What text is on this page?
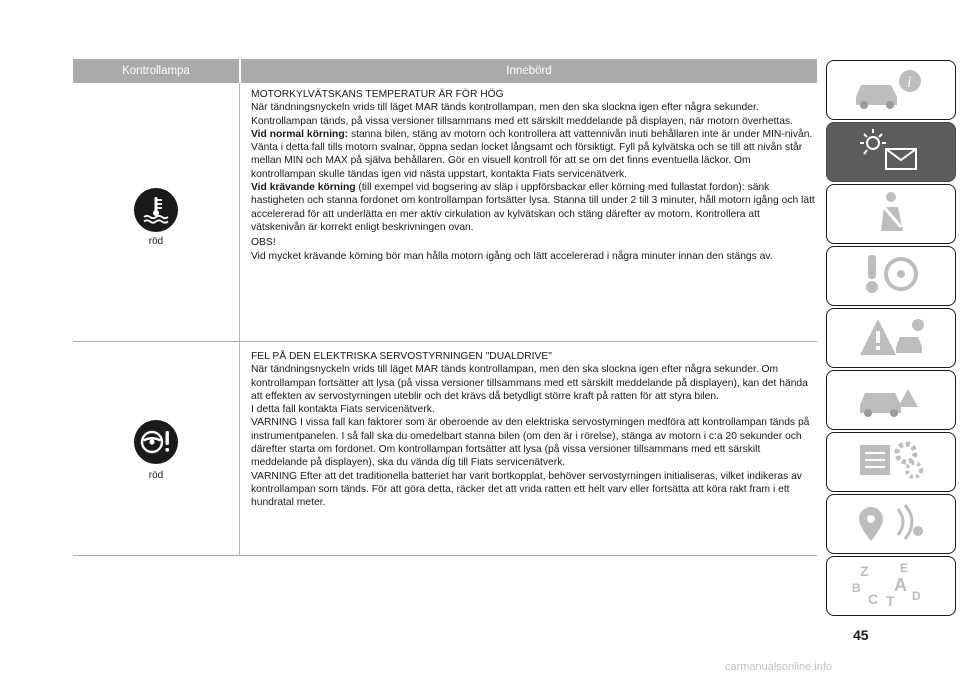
Kontrollampa	Innebörd
röd

MOTORKYLVÄTSKANS TEMPERATUR ÄR FÖR HÖG

När tändningsnyckeln vrids till läget MAR tänds kontrollampan, men den ska slockna igen efter några sekunder.

Kontrollampan tänds, på vissa versioner tillsammans med ett särskilt meddelande på displayen, när motorn överhettas.

Vid normal körning: stanna bilen, stäng av motorn och kontrollera att vattennivån inuti behållaren inte är under MIN-nivån. Vänta i detta fall tills motorn svalnar, öppna sedan locket långsamt och försiktigt. Fyll på kylvätska och se till att nivån står mellan MIN och MAX på själva behållaren. Gör en visuell kontroll för att se om det finns eventuella läckor. Om kontrollampan skulle tändas igen vid nästa uppstart, kontakta Fiats servicenätverk.

Vid krävande körning (till exempel vid bogsering av släp i uppförsbackar eller körning med fullastat fordon): sänk hastigheten och stanna fordonet om kontrollampan fortsätter lysa. Stanna till under 2 till 3 minuter, håll motorn igång och lätt accelererad för att underlätta en mer aktiv cirkulation av kylvätskan och stäng därefter av motorn. Kontrollera att vätskenivån är korrekt enligt beskrivningen ovan.

OBS!

Vid mycket krävande körning bör man hålla motorn igång och lätt accelererad i några minuter innan den stängs av.

röd

FEL PÅ DEN ELEKTRISKA SERVOSTYRNINGEN "DUALDRIVE"

När tändningsnyckeln vrids till läget MAR tänds kontrollampan, men den ska slockna igen efter några sekunder. Om kontrollampan fortsätter att lysa (på vissa versioner tillsammans med ett särskilt meddelande på displayen), kan det hända att effekten av servostyrningen uteblir och det krävs då betydligt större kraft på ratten för att styra bilen.

I detta fall kontakta Fiats servicenätverk.

VARNING I vissa fall kan faktorer som är oberoende av den elektriska servostyrningen medföra att kontrollampan tänds på instrumentpanelen. I så fall ska du omedelbart stanna bilen (om den är i rörelse), stänga av motorn i c:a 20 sekunder och därefter starta om fordonet. Om kontrollampan fortsätter att lysa (på vissa versioner tillsammans med ett särskilt meddelande på displayen), ska du vända dig till Fiats servicenätverk.

VARNING Efter att det traditionella batteriet har varit bortkopplat, behöver servostyrningen initialiseras, vilket indikeras av kontrollampan som tänds. För att göra detta, räcker det att vrida ratten ett helt varv eller fortsätta att köra rakt fram i ett hundratal meter.

i
Z	E
B A
C T D
45
carmanualsonline.info
